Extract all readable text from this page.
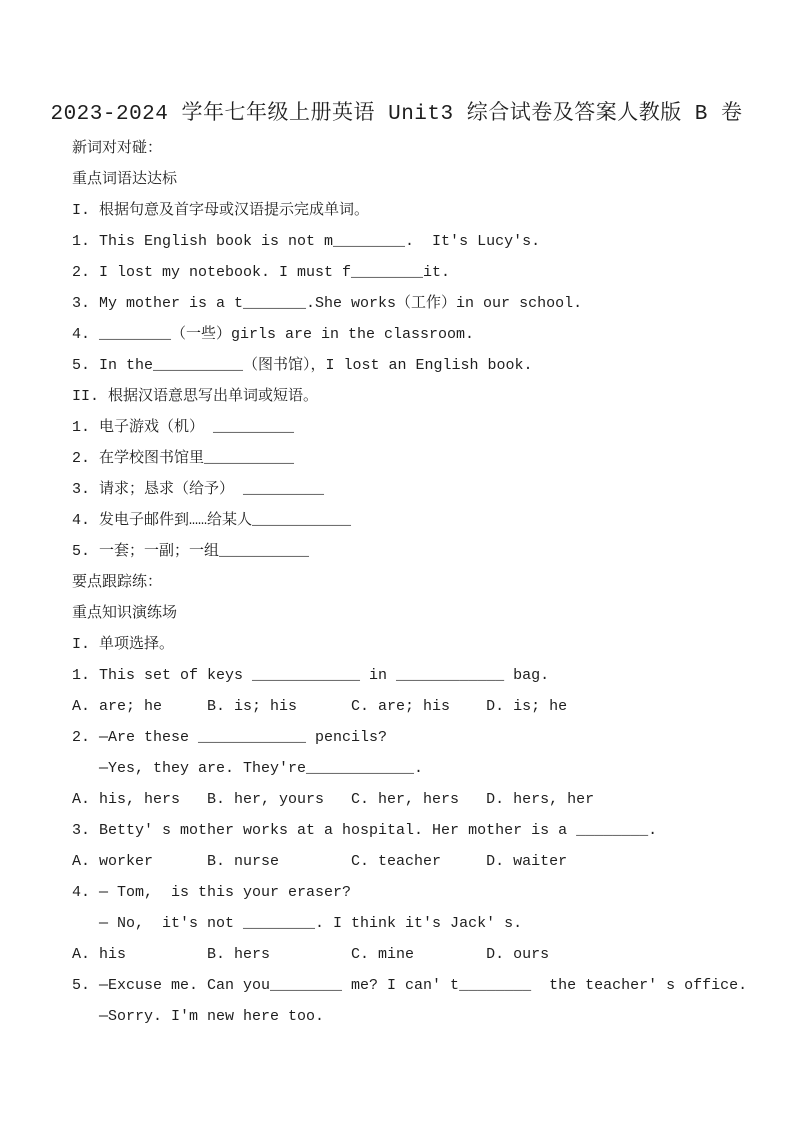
2023-2024 学年七年级上册英语 Unit3 综合试卷及答案人教版 B 卷
新词对对碰：
重点词语达达标
I. 根据句意及首字母或汉语提示完成单词。
1. This English book is not m________.  It's Lucy's.
2. I lost my notebook. I must f________it.
3. My mother is a t_______.She works（工作）in our school.
4. ________（一些）girls are in the classroom.
5. In the__________（图书馆），I lost an English book.
II. 根据汉语意思写出单词或短语。
1. 电子游戏（机） _________
2. 在学校图书馆里__________
3. 请求；恳求（给予） _________
4. 发电子邮件到……给某人___________
5. 一套；一副；一组__________
要点跟踪练：
重点知识演练场
I. 单项选择。
1. This set of keys ____________ in ____________ bag.
A. are; he     B. is; his      C. are; his    D. is; he
2. —Are these ____________ pencils?
—Yes, they are. They're____________.
A. his, hers   B. her, yours   C. her, hers   D. hers, her
3. Betty' s mother works at a hospital. Her mother is a ________.
A. worker      B. nurse        C. teacher     D. waiter
4. — Tom,  is this your eraser?
— No,  it's not ________. I think it's Jack' s.
A. his         B. hers         C. mine        D. ours
5. —Excuse me. Can you________ me? I can' t________  the teacher' s office.
—Sorry. I'm new here too.
